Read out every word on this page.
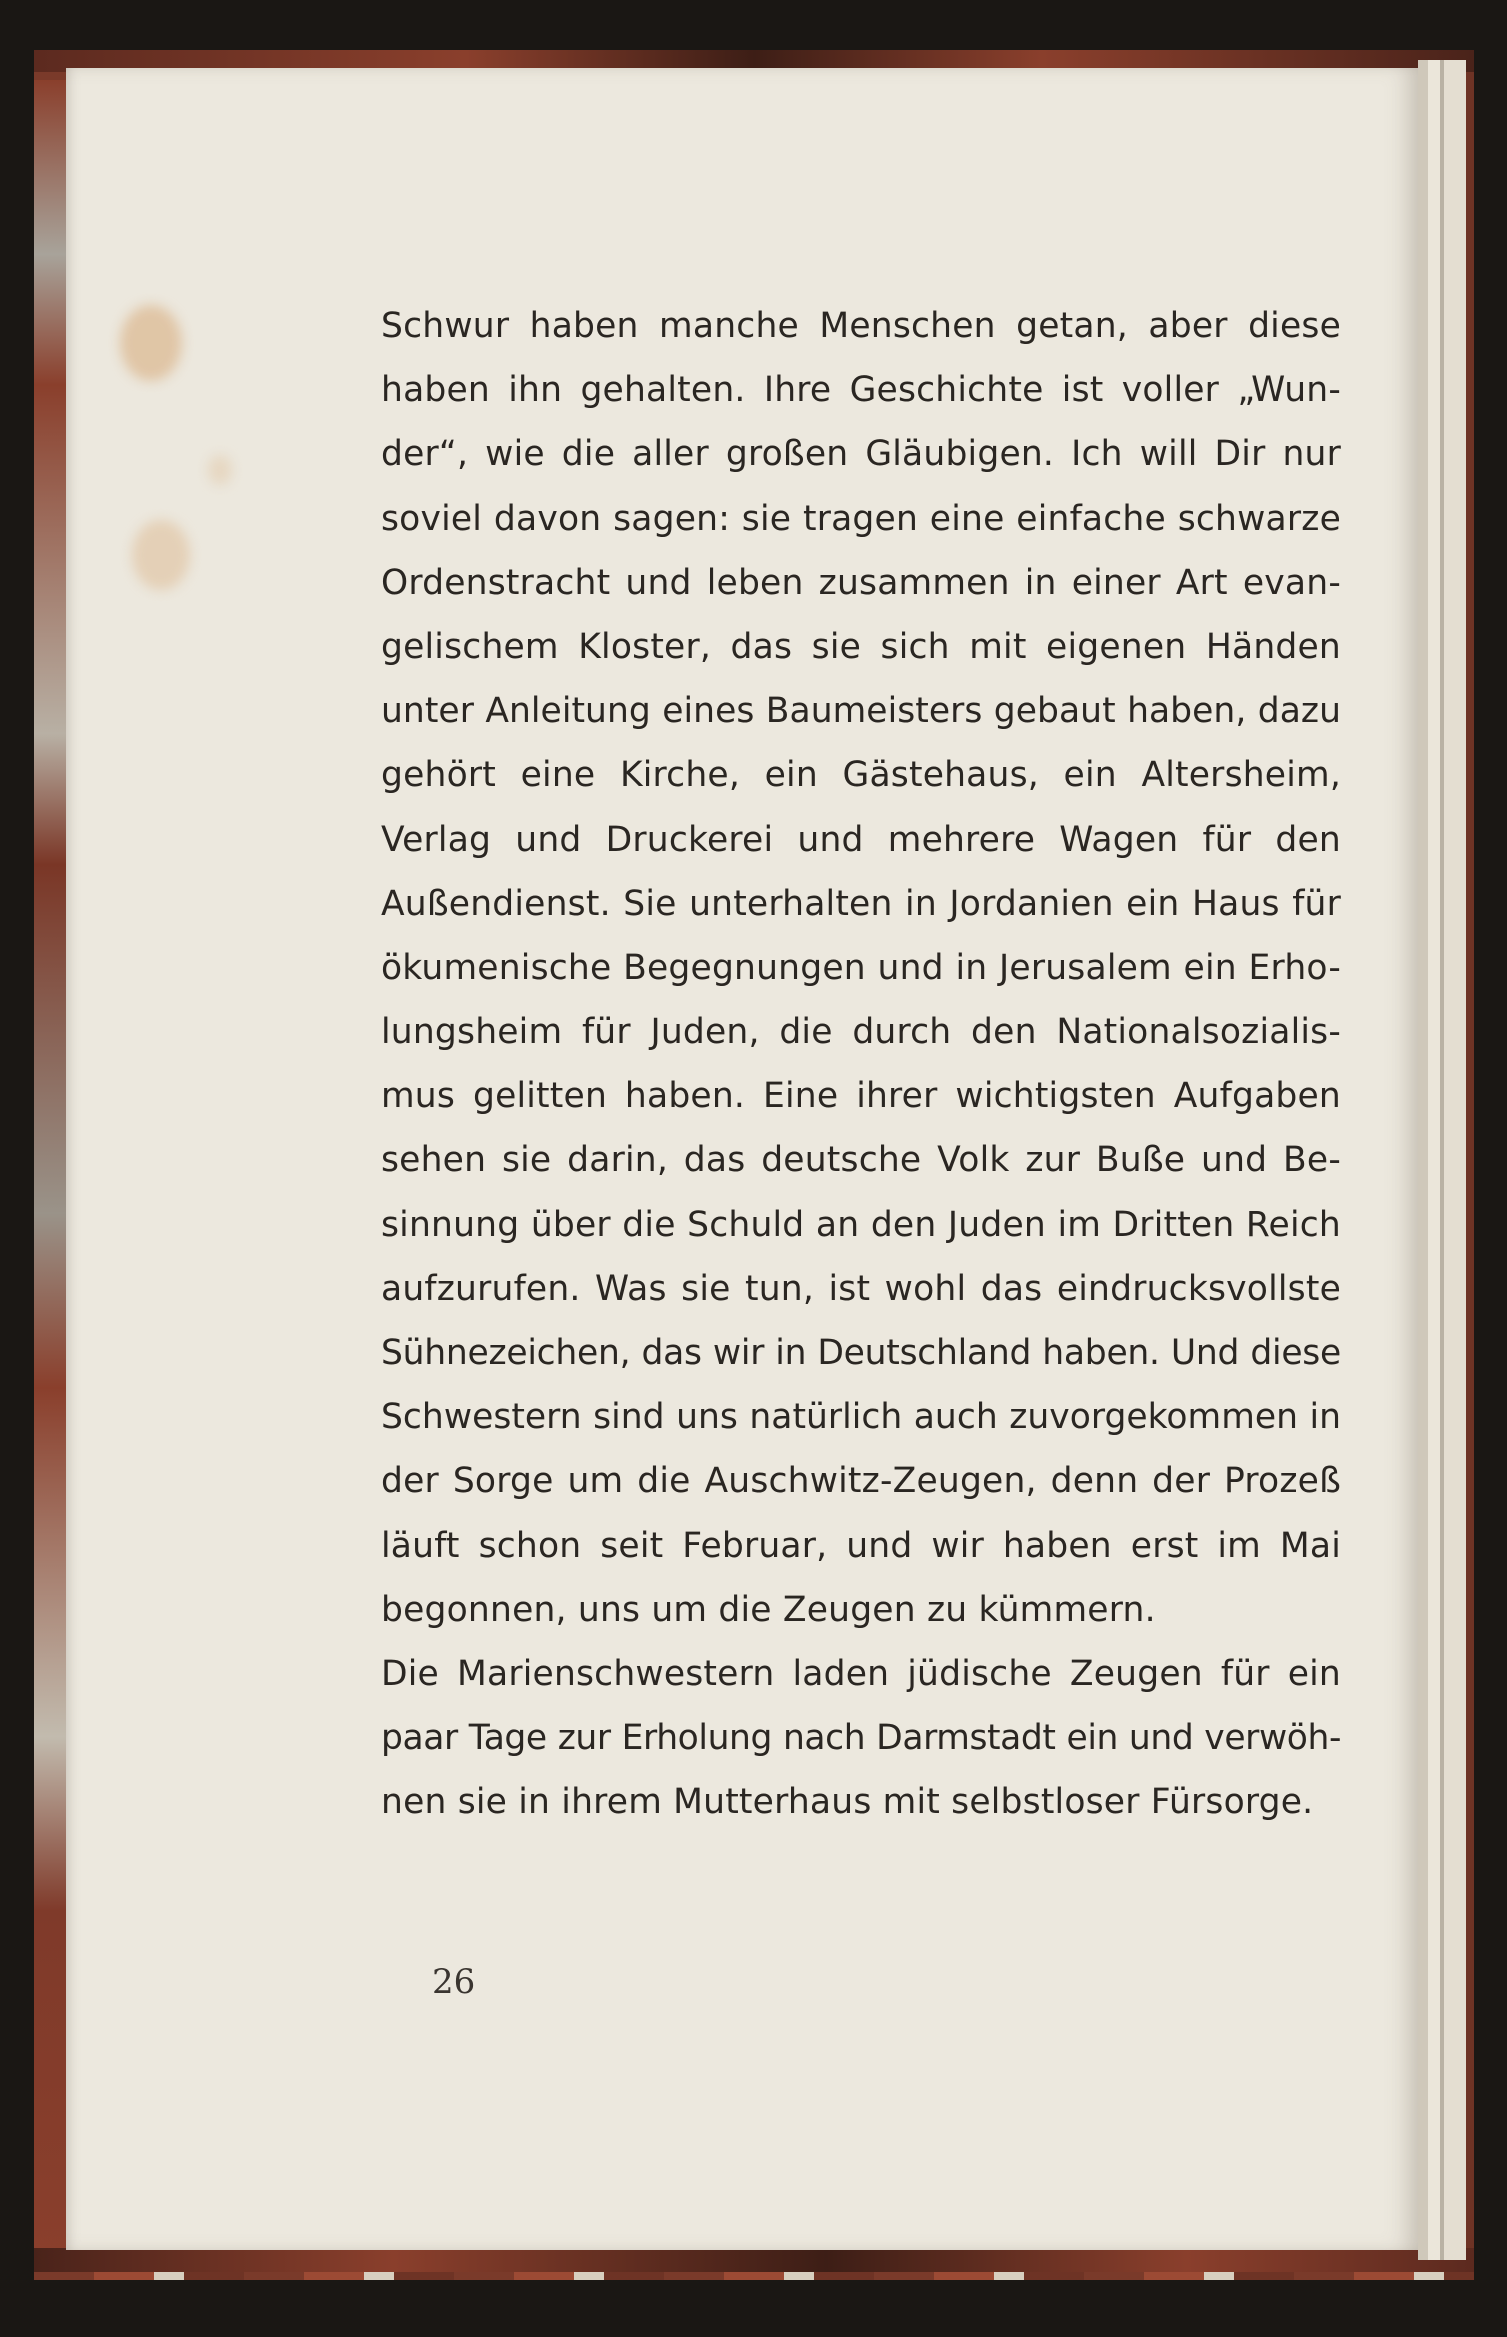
Schwur haben manche Menschen getan, aber diese
haben ihn gehalten. Ihre Geschichte ist voller „Wun-
der“, wie die aller großen Gläubigen. Ich will Dir nur
soviel davon sagen: sie tragen eine einfache schwarze
Ordenstracht und leben zusammen in einer Art evan-
gelischem Kloster, das sie sich mit eigenen Händen
unter Anleitung eines Baumeisters gebaut haben, dazu
gehört eine Kirche, ein Gästehaus, ein Altersheim,
Verlag und Druckerei und mehrere Wagen für den
Außendienst. Sie unterhalten in Jordanien ein Haus für
ökumenische Begegnungen und in Jerusalem ein Erho-
lungsheim für Juden, die durch den Nationalsozialis-
mus gelitten haben. Eine ihrer wichtigsten Aufgaben
sehen sie darin, das deutsche Volk zur Buße und Be-
sinnung über die Schuld an den Juden im Dritten Reich
aufzurufen. Was sie tun, ist wohl das eindrucksvollste
Sühnezeichen, das wir in Deutschland haben. Und diese
Schwestern sind uns natürlich auch zuvorgekommen in
der Sorge um die Auschwitz-Zeugen, denn der Prozeß
läuft schon seit Februar, und wir haben erst im Mai
begonnen, uns um die Zeugen zu kümmern.
Die Marienschwestern laden jüdische Zeugen für ein
paar Tage zur Erholung nach Darmstadt ein und verwöh-
nen sie in ihrem Mutterhaus mit selbstloser Fürsorge.
26
